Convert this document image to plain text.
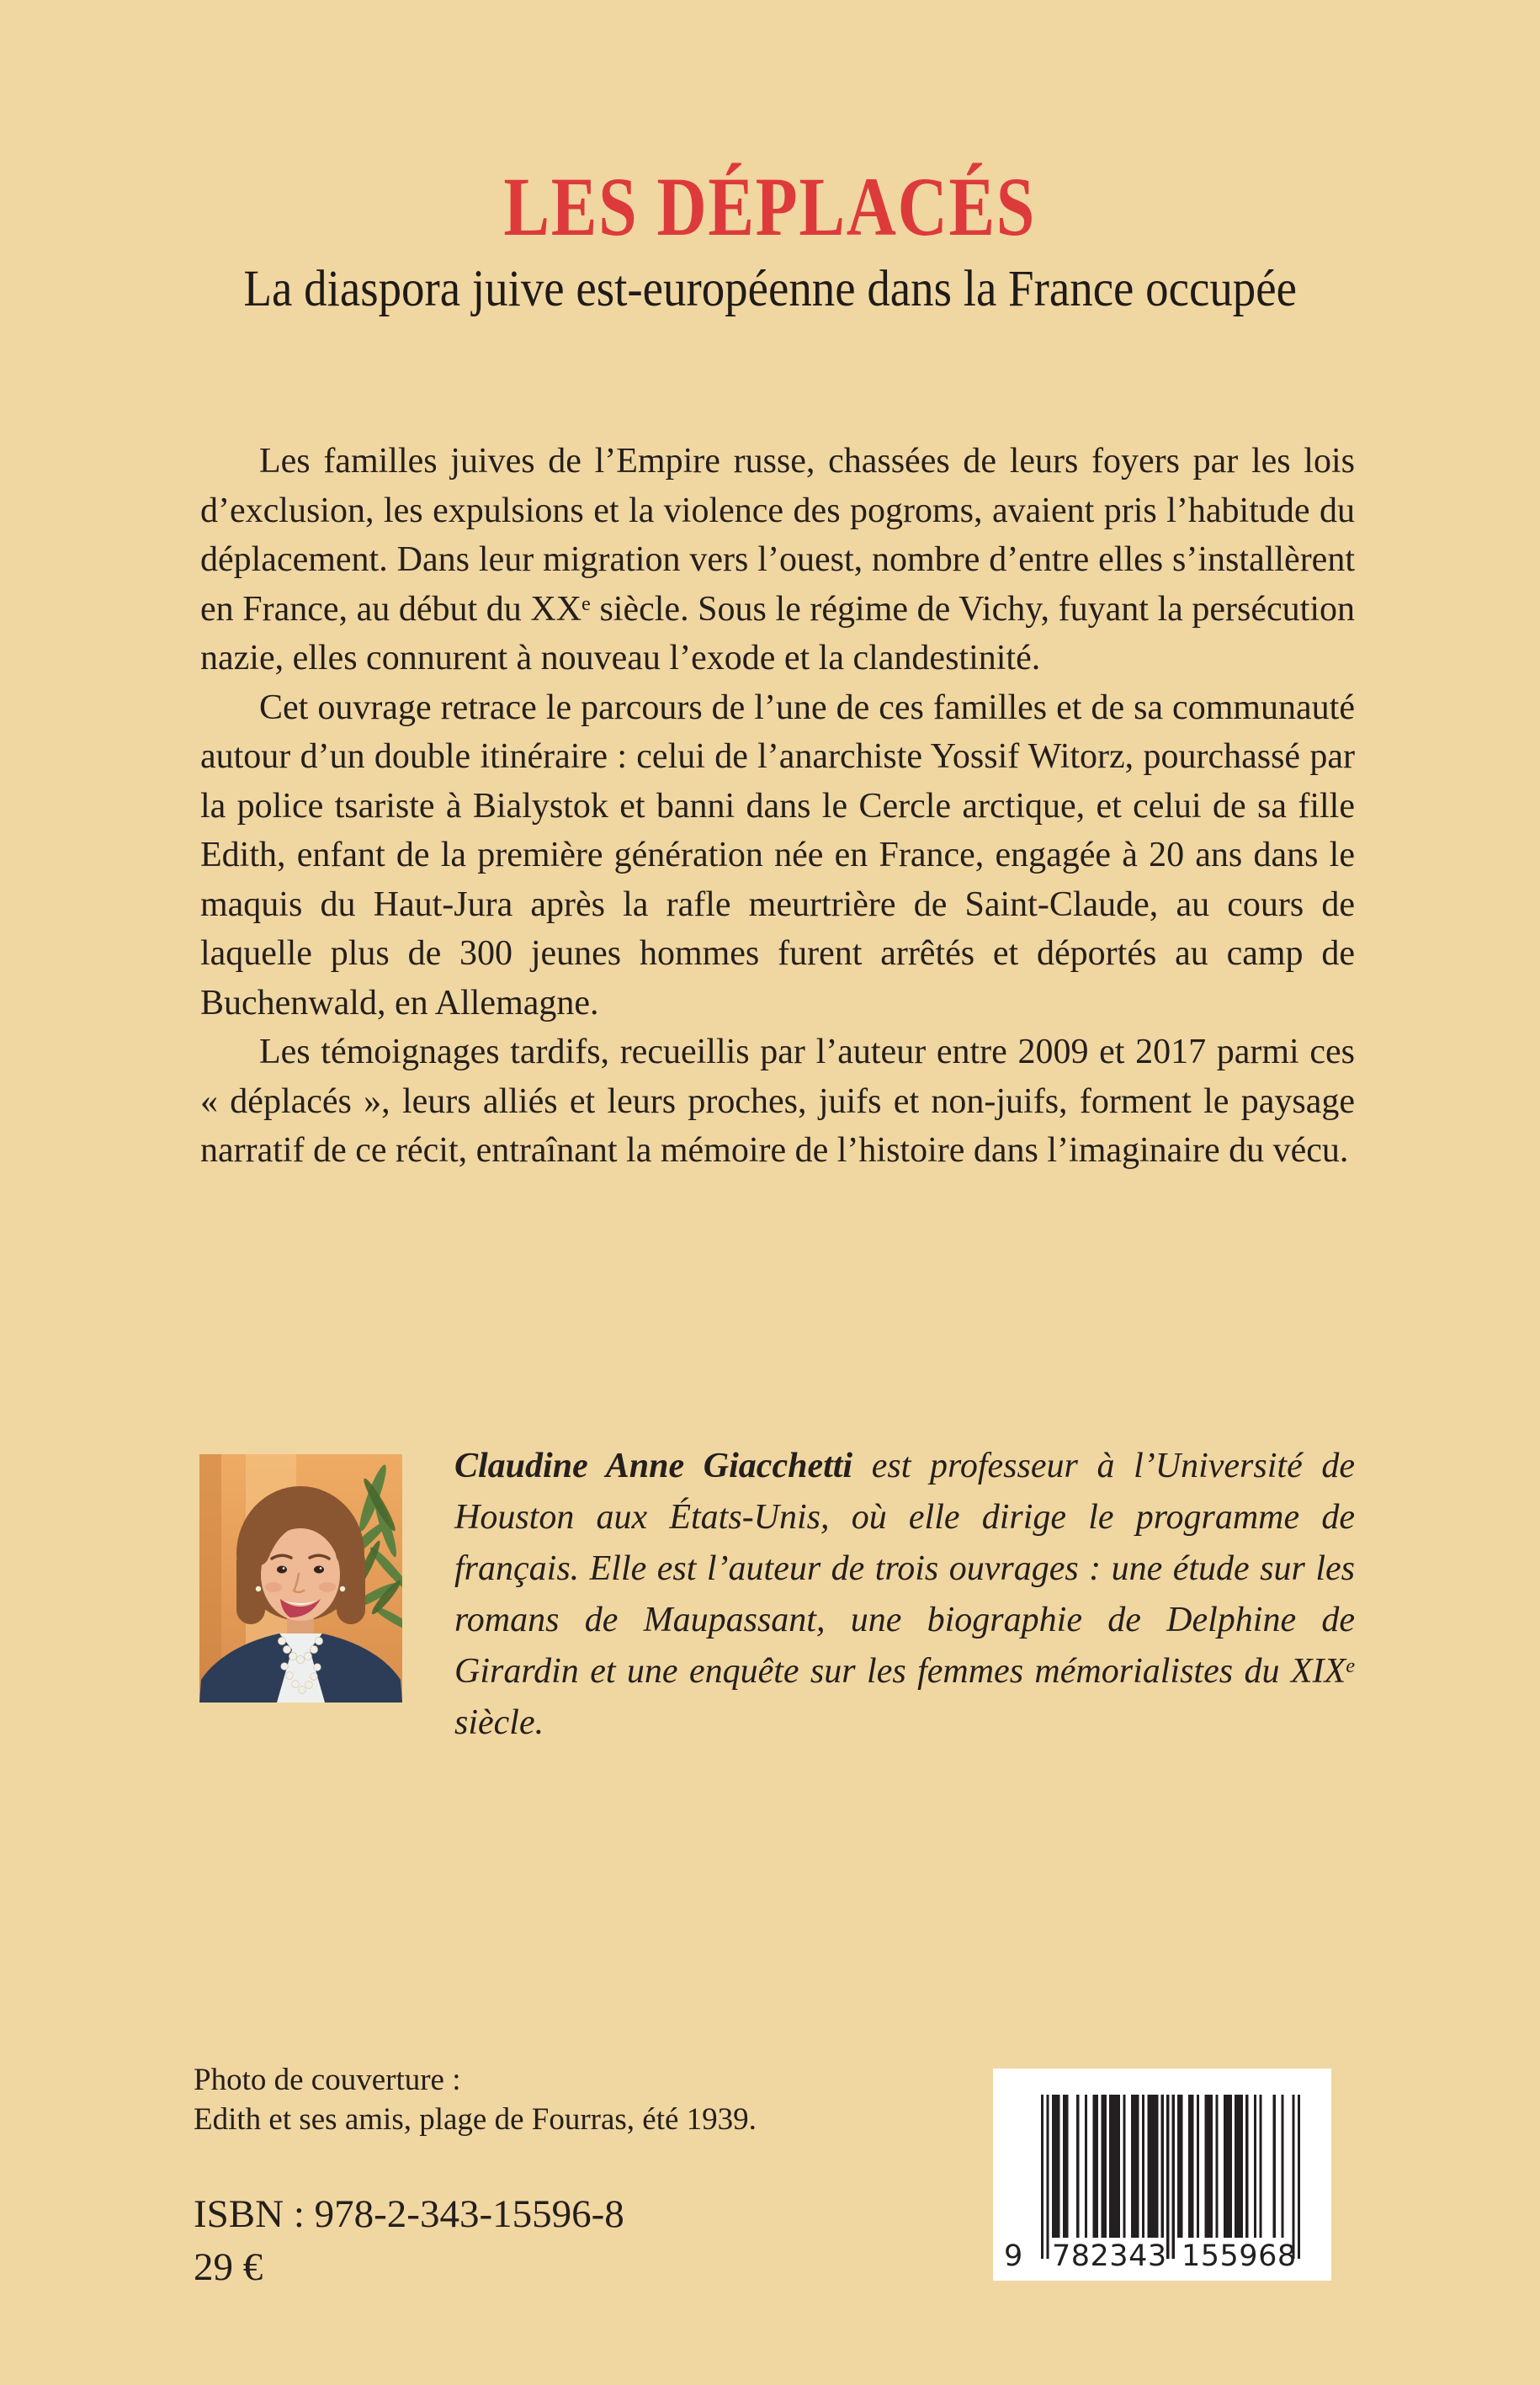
LES DÉPLACÉS
La diaspora juive est-européenne dans la France occupée

Les familles juives de l’Empire russe, chassées de leurs foyers par les lois d’exclusion, les expulsions et la violence des pogroms, avaient pris l’habitude du déplacement. Dans leur migration vers l’ouest, nombre d’entre elles s’installèrent en France, au début du XXe siècle. Sous le régime de Vichy, fuyant la persécution nazie, elles connurent à nouveau l’exode et la clandestinité.

Cet ouvrage retrace le parcours de l’une de ces familles et de sa communauté autour d’un double itinéraire : celui de l’anarchiste Yossif Witorz, pourchassé par la police tsariste à Bialystok et banni dans le Cercle arctique, et celui de sa fille Edith, enfant de la première génération née en France, engagée à 20 ans dans le maquis du Haut-Jura après la rafle meurtrière de Saint-Claude, au cours de laquelle plus de 300 jeunes hommes furent arrêtés et déportés au camp de Buchenwald, en Allemagne.

Les témoignages tardifs, recueillis par l’auteur entre 2009 et 2017 parmi ces « déplacés », leurs alliés et leurs proches, juifs et non-juifs, forment le paysage narratif de ce récit, entraînant la mémoire de l’histoire dans l’imaginaire du vécu.

Claudine Anne Giacchetti est professeur à l’Université de Houston aux États-Unis, où elle dirige le programme de français. Elle est l’auteur de trois ouvrages : une étude sur les romans de Maupassant, une biographie de Delphine de Girardin et une enquête sur les femmes mémorialistes du XIXe siècle.
Photo de couverture :
Edith et ses amis, plage de Fourras, été 1939.
ISBN : 978-2-343-15596-8
29 €	9 782343 155968
